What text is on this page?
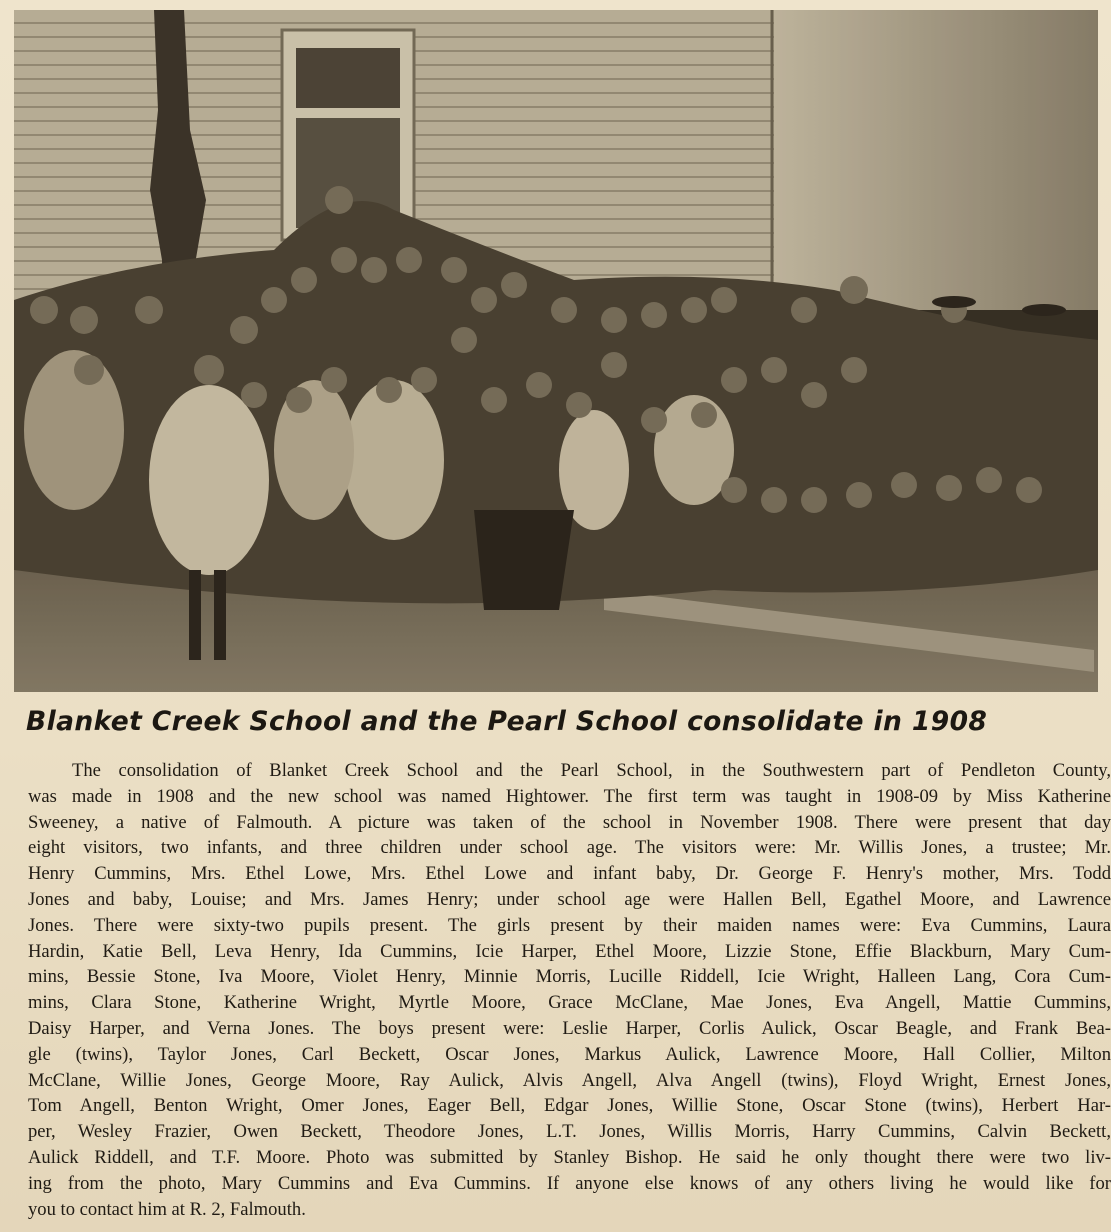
Blanket Creek School and the Pearl School consolidate in 1908
The consolidation of Blanket Creek School and the Pearl School, in the Southwestern part of Pendleton County,
was made in 1908 and the new school was named Hightower. The first term was taught in 1908-09 by Miss Katherine
Sweeney, a native of Falmouth. A picture was taken of the school in November 1908. There were present that day
eight visitors, two infants, and three children under school age. The visitors were: Mr. Willis Jones, a trustee; Mr.
Henry Cummins, Mrs. Ethel Lowe, Mrs. Ethel Lowe and infant baby, Dr. George F. Henry's mother, Mrs. Todd
Jones and baby, Louise; and Mrs. James Henry; under school age were Hallen Bell, Egathel Moore, and Lawrence
Jones. There were sixty-two pupils present. The girls present by their maiden names were: Eva Cummins, Laura
Hardin, Katie Bell, Leva Henry, Ida Cummins, Icie Harper, Ethel Moore, Lizzie Stone, Effie Blackburn, Mary Cum-
mins, Bessie Stone, Iva Moore, Violet Henry, Minnie Morris, Lucille Riddell, Icie Wright, Halleen Lang, Cora Cum-
mins, Clara Stone, Katherine Wright, Myrtle Moore, Grace McClane, Mae Jones, Eva Angell, Mattie Cummins,
Daisy Harper, and Verna Jones. The boys present were: Leslie Harper, Corlis Aulick, Oscar Beagle, and Frank Bea-
gle (twins), Taylor Jones, Carl Beckett, Oscar Jones, Markus Aulick, Lawrence Moore, Hall Collier, Milton
McClane, Willie Jones, George Moore, Ray Aulick, Alvis Angell, Alva Angell (twins), Floyd Wright, Ernest Jones,
Tom Angell, Benton Wright, Omer Jones, Eager Bell, Edgar Jones, Willie Stone, Oscar Stone (twins), Herbert Har-
per, Wesley Frazier, Owen Beckett, Theodore Jones, L.T. Jones, Willis Morris, Harry Cummins, Calvin Beckett,
Aulick Riddell, and T.F. Moore. Photo was submitted by Stanley Bishop. He said he only thought there were two liv-
ing from the photo, Mary Cummins and Eva Cummins. If anyone else knows of any others living he would like for
you to contact him at R. 2, Falmouth.
